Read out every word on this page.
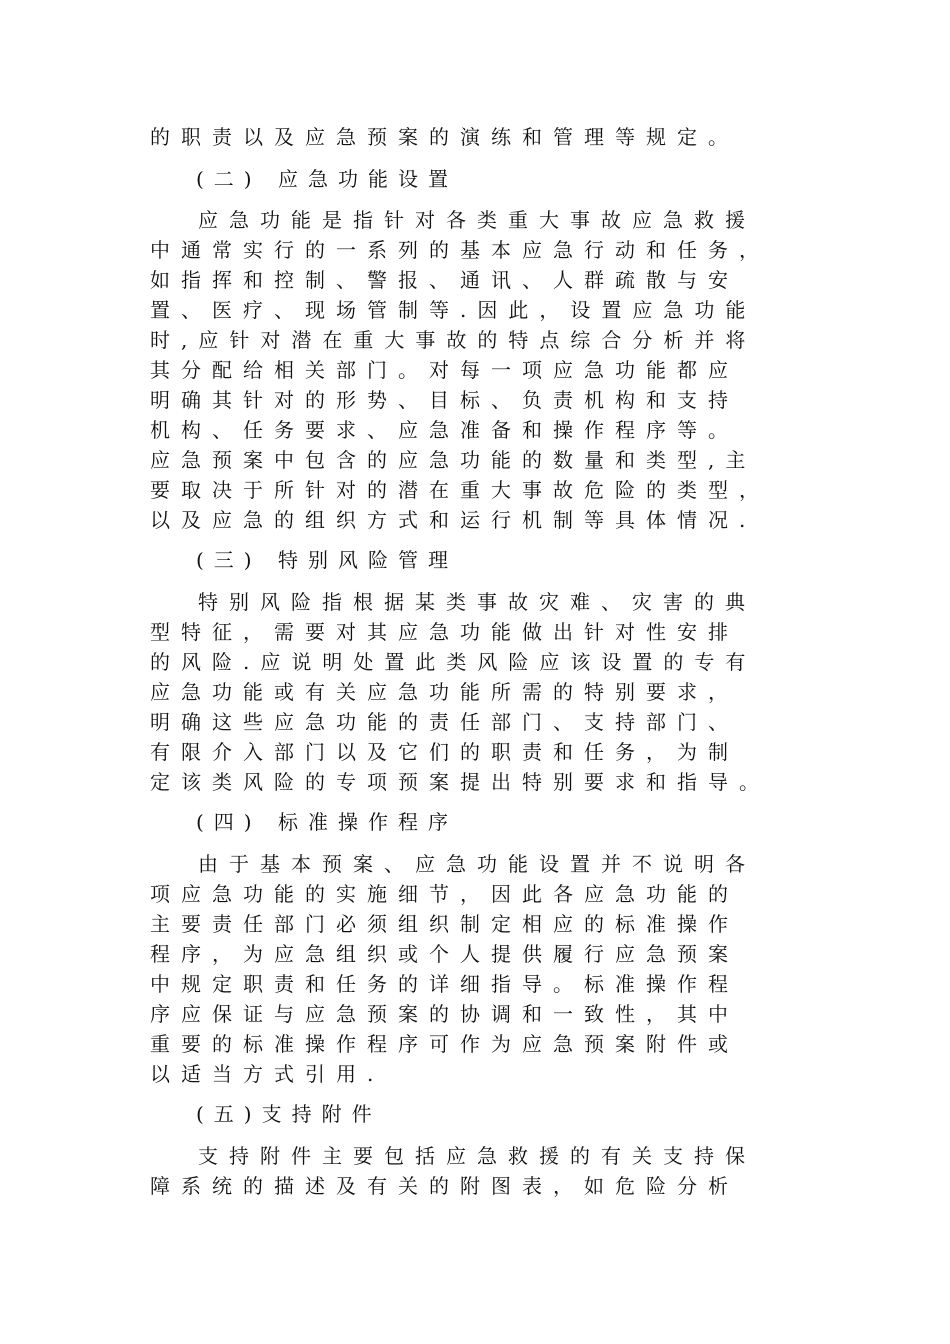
的职责以及应急预案的演练和管理等规定。
(二) 应急功能设置
应急功能是指针对各类重大事故应急救援
中通常实行的一系列的基本应急行动和任务，
如指挥和控制、警报、通讯、人群疏散与安
置、医疗、现场管制等.因此，设置应急功能
时,应针对潜在重大事故的特点综合分析并将
其分配给相关部门。对每一项应急功能都应
明确其针对的形势、目标、负责机构和支持
机构、任务要求、应急准备和操作程序等。
应急预案中包含的应急功能的数量和类型,主
要取决于所针对的潜在重大事故危险的类型，
以及应急的组织方式和运行机制等具体情况.
(三) 特别风险管理
特别风险指根据某类事故灾难、灾害的典
型特征，需要对其应急功能做出针对性安排
的风险.应说明处置此类风险应该设置的专有
应急功能或有关应急功能所需的特别要求，
明确这些应急功能的责任部门、支持部门、
有限介入部门以及它们的职责和任务，为制
定该类风险的专项预案提出特别要求和指导。
(四) 标准操作程序
由于基本预案、应急功能设置并不说明各
项应急功能的实施细节，因此各应急功能的
主要责任部门必须组织制定相应的标准操作
程序，为应急组织或个人提供履行应急预案
中规定职责和任务的详细指导。标准操作程
序应保证与应急预案的协调和一致性，其中
重要的标准操作程序可作为应急预案附件或
以适当方式引用.
(五)支持附件
支持附件主要包括应急救援的有关支持保
障系统的描述及有关的附图表，如危险分析
